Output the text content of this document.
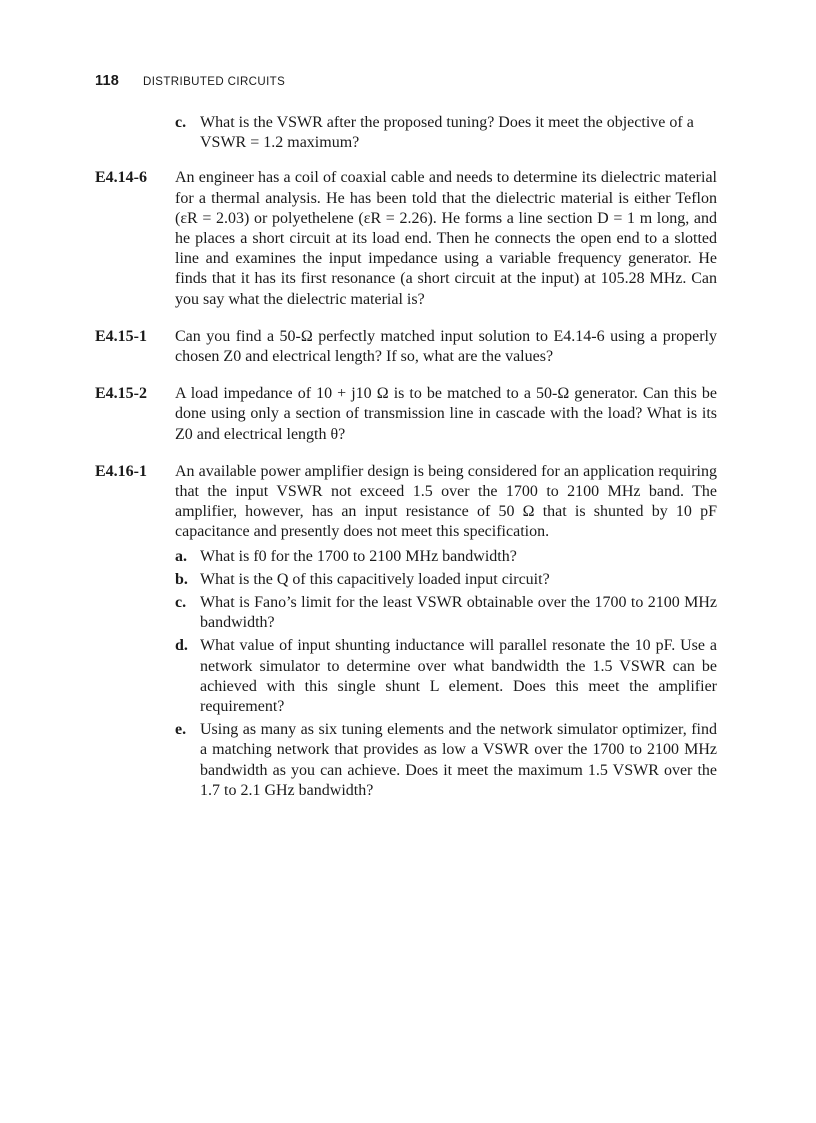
118 DISTRIBUTED CIRCUITS
c. What is the VSWR after the proposed tuning? Does it meet the objective of a VSWR = 1.2 maximum?
E4.14-6	An engineer has a coil of coaxial cable and needs to determine its dielectric material for a thermal analysis. He has been told that the dielectric material is either Teflon (εR = 2.03) or polyethelene (εR = 2.26). He forms a line section D = 1 m long, and he places a short circuit at its load end. Then he connects the open end to a slotted line and examines the input impedance using a variable frequency generator. He finds that it has its first resonance (a short circuit at the input) at 105.28 MHz. Can you say what the dielectric material is?

E4.15-1	Can you find a 50-Ω perfectly matched input solution to E4.14-6 using a properly chosen Z0 and electrical length? If so, what are the values?

E4.15-2	A load impedance of 10 + j10 Ω is to be matched to a 50-Ω generator. Can this be done using only a section of transmission line in cascade with the load? What is its Z0 and electrical length θ?

E4.16-1	An available power amplifier design is being considered for an application requiring that the input VSWR not exceed 1.5 over the 1700 to 2100 MHz band. The amplifier, however, has an input resistance of 50 Ω that is shunted by 10 pF capacitance and presently does not meet this specification.

a. What is f0 for the 1700 to 2100 MHz bandwidth?
b. What is the Q of this capacitively loaded input circuit?
c. What is Fano’s limit for the least VSWR obtainable over the 1700 to 2100 MHz bandwidth?
d. What value of input shunting inductance will parallel resonate the 10 pF. Use a network simulator to determine over what bandwidth the 1.5 VSWR can be achieved with this single shunt L element. Does this meet the amplifier requirement?
e. Using as many as six tuning elements and the network simulator optimizer, find a matching network that provides as low a VSWR over the 1700 to 2100 MHz bandwidth as you can achieve. Does it meet the maximum 1.5 VSWR over the 1.7 to 2.1 GHz bandwidth?
